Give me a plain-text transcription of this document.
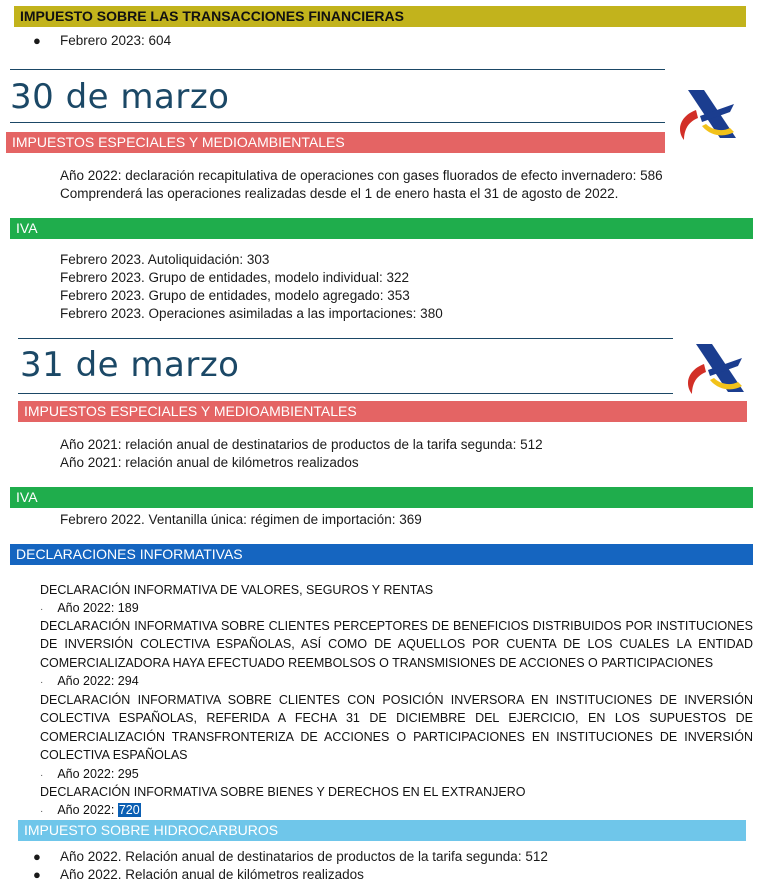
IMPUESTO SOBRE LAS TRANSACCIONES FINANCIERAS
● Febrero 2023: 604
30 de marzo
IMPUESTOS ESPECIALES Y MEDIOAMBIENTALES
Año 2022: declaración recapitulativa de operaciones con gases fluorados de efecto invernadero: 586
Comprenderá las operaciones realizadas desde el 1 de enero hasta el 31 de agosto de 2022.
IVA
Febrero 2023. Autoliquidación: 303
Febrero 2023. Grupo de entidades, modelo individual: 322
Febrero 2023. Grupo de entidades, modelo agregado: 353
Febrero 2023. Operaciones asimiladas a las importaciones: 380
31 de marzo
IMPUESTOS ESPECIALES Y MEDIOAMBIENTALES
Año 2021: relación anual de destinatarios de productos de la tarifa segunda: 512
Año 2021: relación anual de kilómetros realizados
IVA
Febrero 2022. Ventanilla única: régimen de importación: 369
DECLARACIONES INFORMATIVAS
DECLARACIÓN INFORMATIVA DE VALORES, SEGUROS Y RENTAS
· Año 2022: 189
DECLARACIÓN INFORMATIVA SOBRE CLIENTES PERCEPTORES DE BENEFICIOS DISTRIBUIDOS POR INSTITUCIONES DE INVERSIÓN COLECTIVA ESPAÑOLAS, ASÍ COMO DE AQUELLOS POR CUENTA DE LOS CUALES LA ENTIDAD COMERCIALIZADORA HAYA EFECTUADO REEMBOLSOS O TRANSMISIONES DE ACCIONES O PARTICIPACIONES
· Año 2022: 294
DECLARACIÓN INFORMATIVA SOBRE CLIENTES CON POSICIÓN INVERSORA EN INSTITUCIONES DE INVERSIÓN COLECTIVA ESPAÑOLAS, REFERIDA A FECHA 31 DE DICIEMBRE DEL EJERCICIO, EN LOS SUPUESTOS DE COMERCIALIZACIÓN TRANSFRONTERIZA DE ACCIONES O PARTICIPACIONES EN INSTITUCIONES DE INVERSIÓN COLECTIVA ESPAÑOLAS
· Año 2022: 295
DECLARACIÓN INFORMATIVA SOBRE BIENES Y DERECHOS EN EL EXTRANJERO
· Año 2022: 720
IMPUESTO SOBRE HIDROCARBUROS
● Año 2022. Relación anual de destinatarios de productos de la tarifa segunda: 512
● Año 2022. Relación anual de kilómetros realizados
